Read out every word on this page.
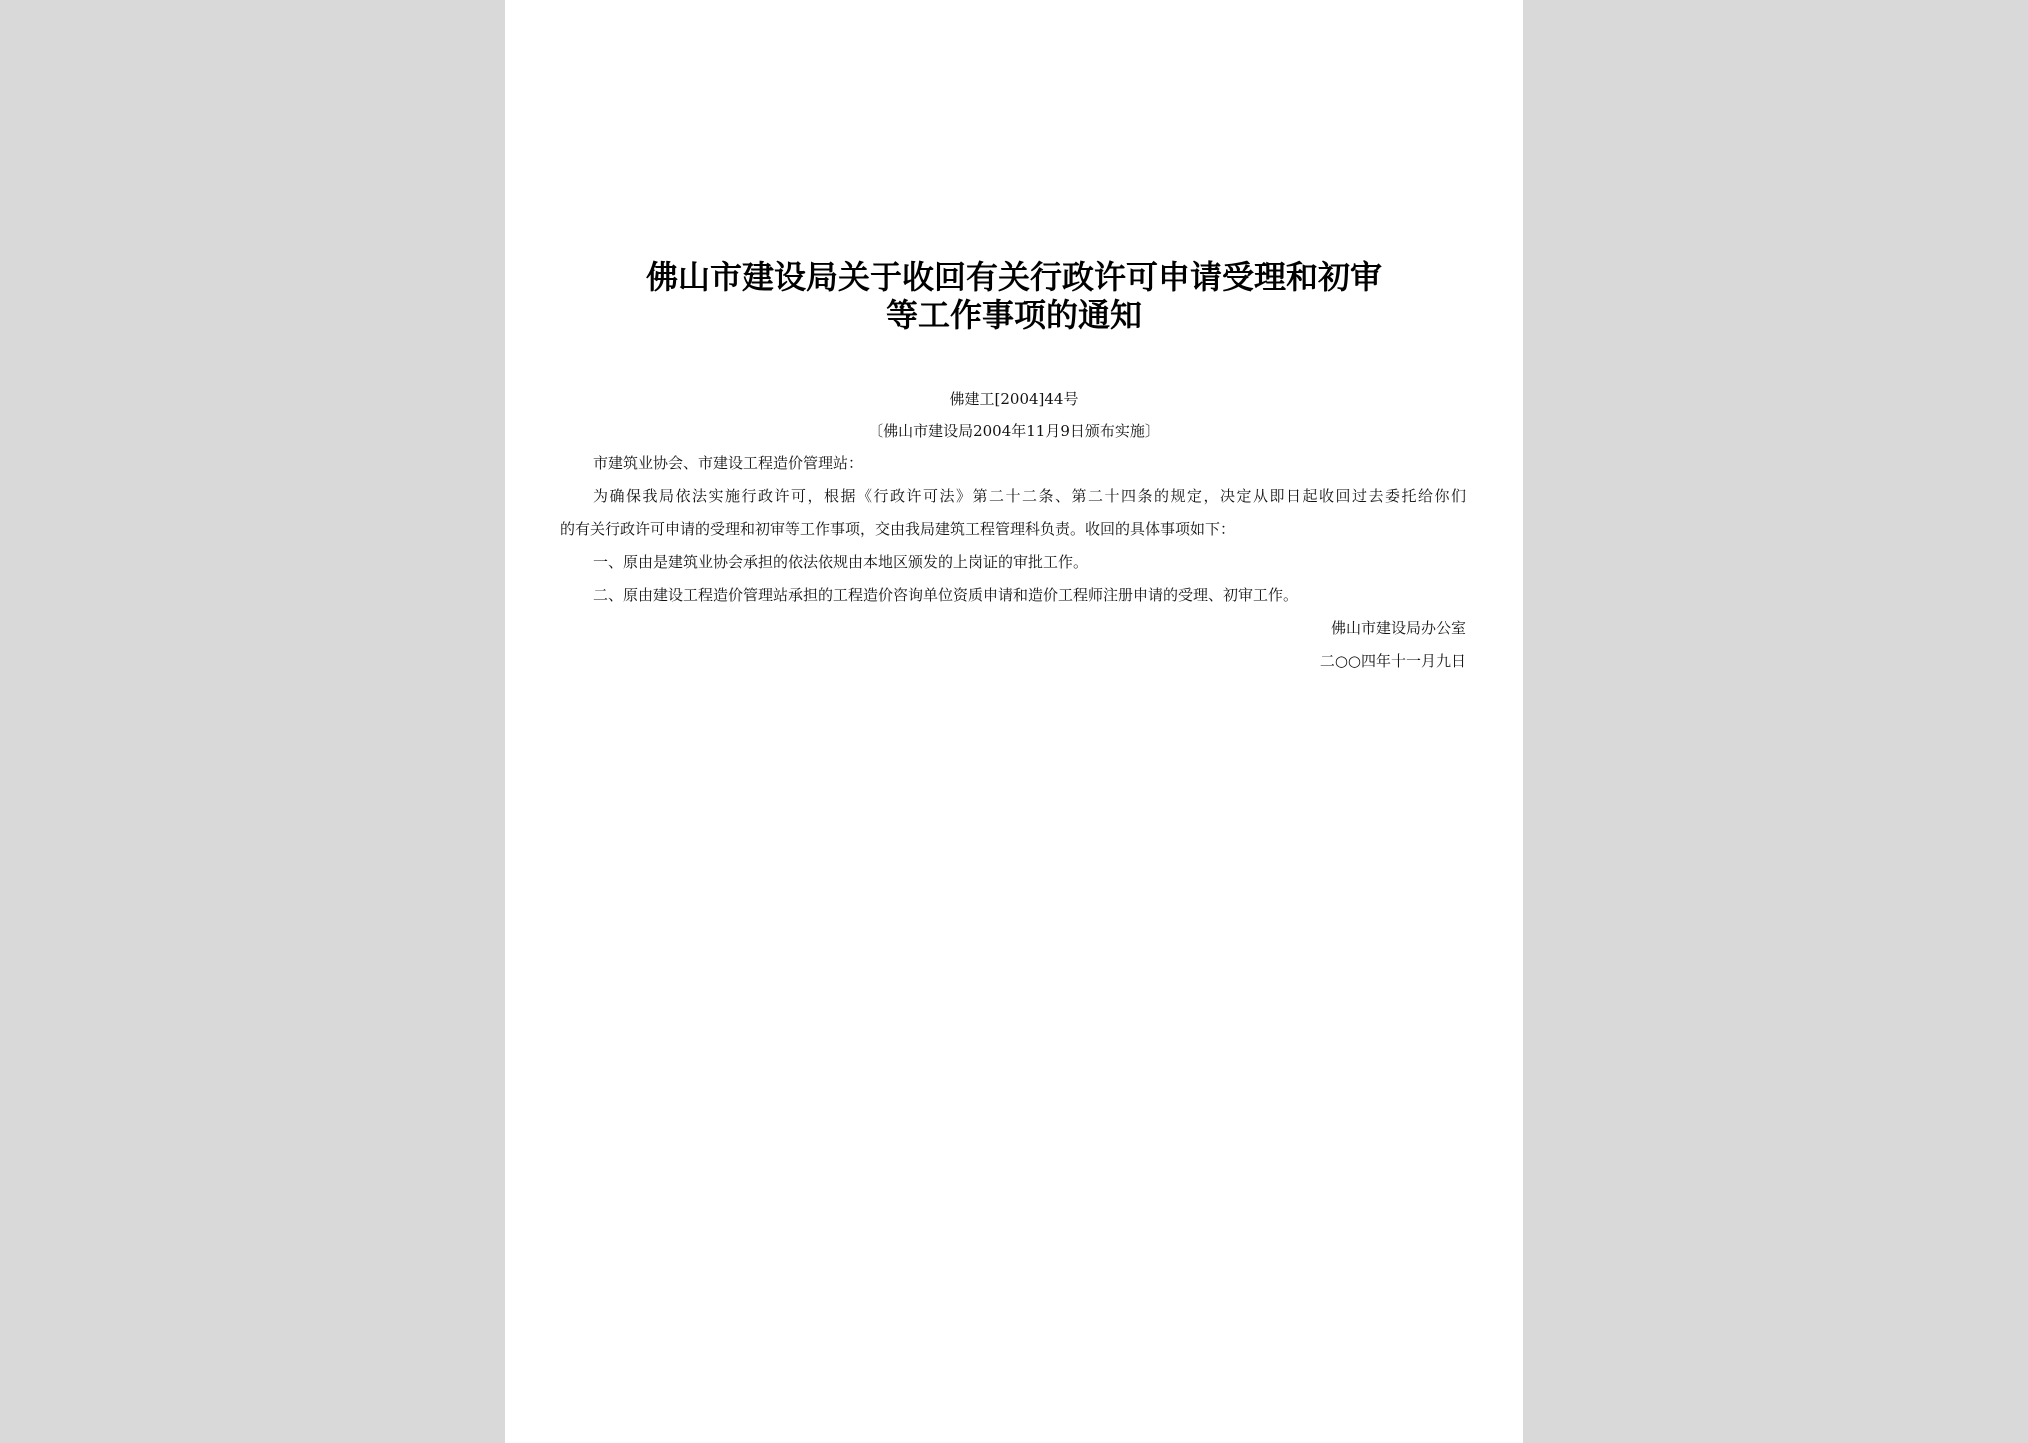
佛山市建设局关于收回有关行政许可申请受理和初审
等工作事项的通知
佛建工[2004]44号
〔佛山市建设局2004年11月9日颁布实施〕
市建筑业协会、市建设工程造价管理站：
为确保我局依法实施行政许可，根据《行政许可法》第二十二条、第二十四条的规定，决定从即日起收回过去委托给你们
的有关行政许可申请的受理和初审等工作事项，交由我局建筑工程管理科负责。收回的具体事项如下：
一、原由是建筑业协会承担的依法依规由本地区颁发的上岗证的审批工作。
二、原由建设工程造价管理站承担的工程造价咨询单位资质申请和造价工程师注册申请的受理、初审工作。
佛山市建设局办公室
二○○四年十一月九日
